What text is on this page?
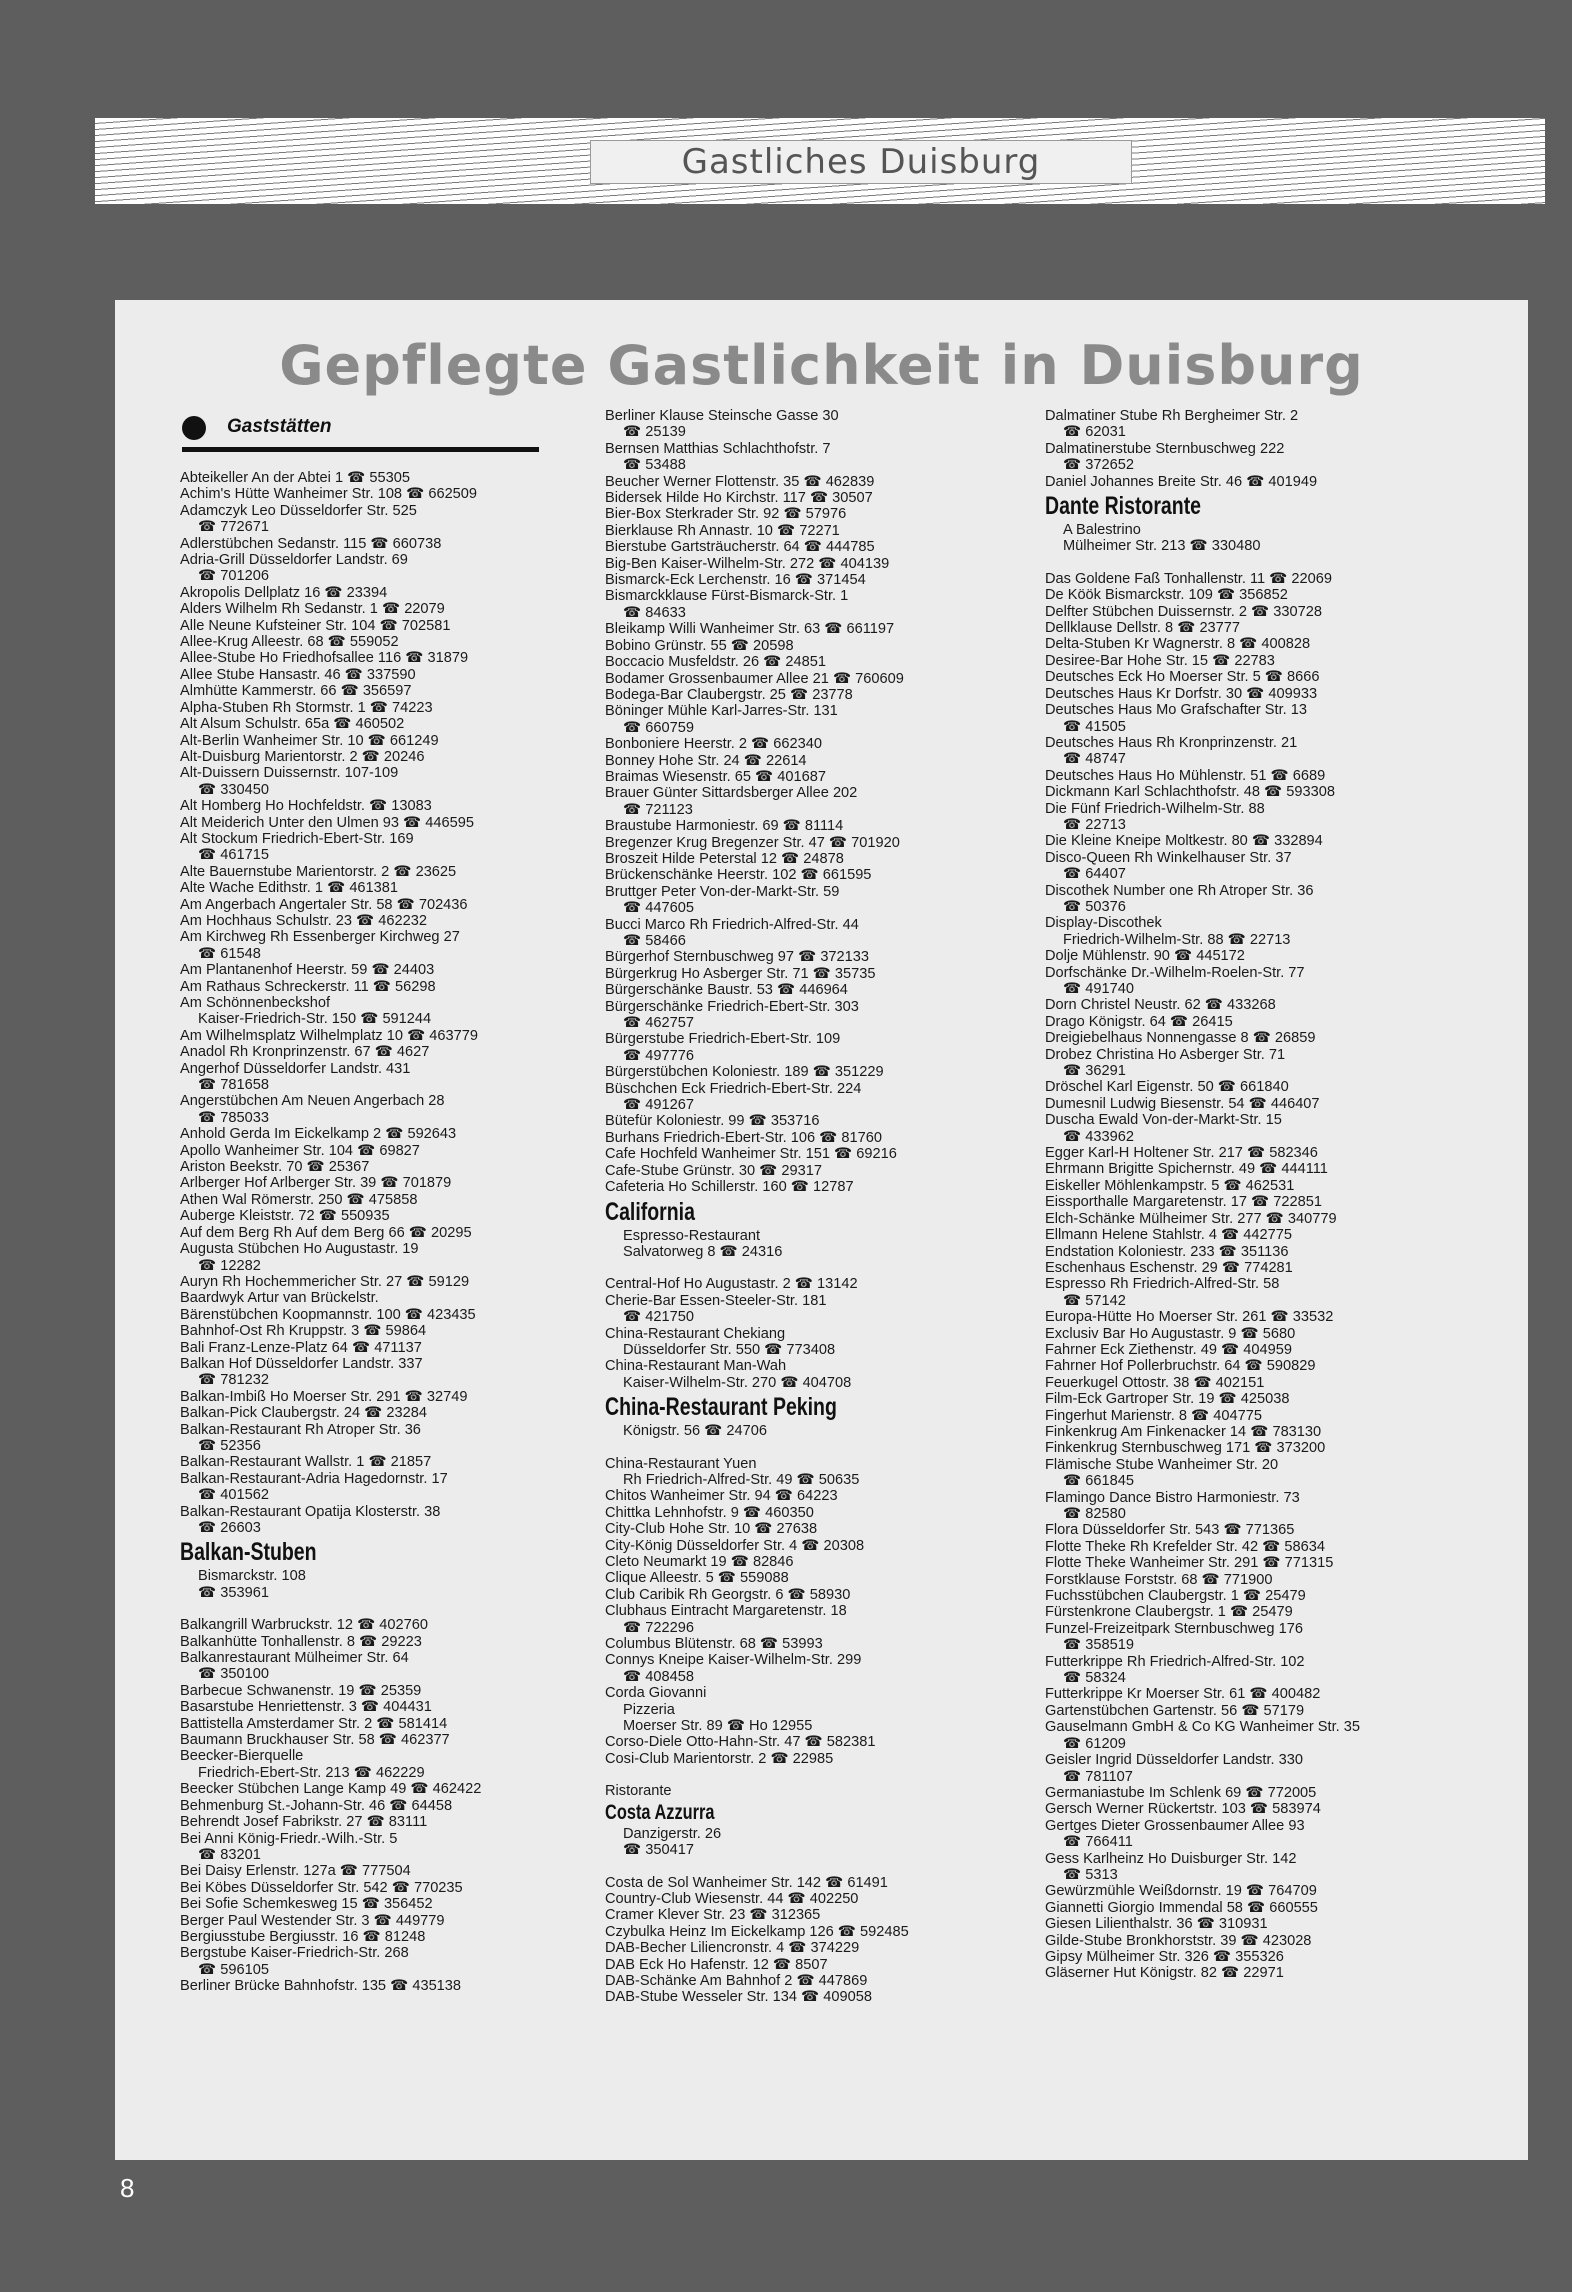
Gastliches Duisburg
Gepflegte Gastlichkeit in Duisburg
Gaststätten
Abteikeller An der Abtei 1 ☎ 55305
Achim's Hütte Wanheimer Str. 108 ☎ 662509
Adamczyk Leo Düsseldorfer Str. 525
☎ 772671
Adlerstübchen Sedanstr. 115 ☎ 660738
Adria-Grill Düsseldorfer Landstr. 69
☎ 701206
Akropolis Dellplatz 16 ☎ 23394
Alders Wilhelm Rh Sedanstr. 1 ☎ 22079
Alle Neune Kufsteiner Str. 104 ☎ 702581
Allee-Krug Alleestr. 68 ☎ 559052
Allee-Stube Ho Friedhofsallee 116 ☎ 31879
Allee Stube Hansastr. 46 ☎ 337590
Almhütte Kammerstr. 66 ☎ 356597
Alpha-Stuben Rh Stormstr. 1 ☎ 74223
Alt Alsum Schulstr. 65a ☎ 460502
Alt-Berlin Wanheimer Str. 10 ☎ 661249
Alt-Duisburg Marientorstr. 2 ☎ 20246
Alt-Duissern Duissernstr. 107-109
☎ 330450
Alt Homberg Ho Hochfeldstr. ☎ 13083
Alt Meiderich Unter den Ulmen 93 ☎ 446595
Alt Stockum Friedrich-Ebert-Str. 169
☎ 461715
Alte Bauernstube Marientorstr. 2 ☎ 23625
Alte Wache Edithstr. 1 ☎ 461381
Am Angerbach Angertaler Str. 58 ☎ 702436
Am Hochhaus Schulstr. 23 ☎ 462232
Am Kirchweg Rh Essenberger Kirchweg 27
☎ 61548
Am Plantanenhof Heerstr. 59 ☎ 24403
Am Rathaus Schreckerstr. 11 ☎ 56298
Am Schönnenbeckshof
Kaiser-Friedrich-Str. 150 ☎ 591244
Am Wilhelmsplatz Wilhelmplatz 10 ☎ 463779
Anadol Rh Kronprinzenstr. 67 ☎ 4627
Angerhof Düsseldorfer Landstr. 431
☎ 781658
Angerstübchen Am Neuen Angerbach 28
☎ 785033
Anhold Gerda Im Eickelkamp 2 ☎ 592643
Apollo Wanheimer Str. 104 ☎ 69827
Ariston Beekstr. 70 ☎ 25367
Arlberger Hof Arlberger Str. 39 ☎ 701879
Athen Wal Römerstr. 250 ☎ 475858
Auberge Kleiststr. 72 ☎ 550935
Auf dem Berg Rh Auf dem Berg 66 ☎ 20295
Augusta Stübchen Ho Augustastr. 19
☎ 12282
Auryn Rh Hochemmericher Str. 27 ☎ 59129
Baardwyk Artur van Brückelstr.
Bärenstübchen Koopmannstr. 100 ☎ 423435
Bahnhof-Ost Rh Kruppstr. 3 ☎ 59864
Bali Franz-Lenze-Platz 64 ☎ 471137
Balkan Hof Düsseldorfer Landstr. 337
☎ 781232
Balkan-Imbiß Ho Moerser Str. 291 ☎ 32749
Balkan-Pick Claubergstr. 24 ☎ 23284
Balkan-Restaurant Rh Atroper Str. 36
☎ 52356
Balkan-Restaurant Wallstr. 1 ☎ 21857
Balkan-Restaurant-Adria Hagedornstr. 17
☎ 401562
Balkan-Restaurant Opatija Klosterstr. 38
☎ 26603
Balkan-Stuben
Bismarckstr. 108
☎ 353961
Balkangrill Warbruckstr. 12 ☎ 402760
Balkanhütte Tonhallenstr. 8 ☎ 29223
Balkanrestaurant Mülheimer Str. 64
☎ 350100
Barbecue Schwanenstr. 19 ☎ 25359
Basarstube Henriettenstr. 3 ☎ 404431
Battistella Amsterdamer Str. 2 ☎ 581414
Baumann Bruckhauser Str. 58 ☎ 462377
Beecker-Bierquelle
Friedrich-Ebert-Str. 213 ☎ 462229
Beecker Stübchen Lange Kamp 49 ☎ 462422
Behmenburg St.-Johann-Str. 46 ☎ 64458
Behrendt Josef Fabrikstr. 27 ☎ 83111
Bei Anni König-Friedr.-Wilh.-Str. 5
☎ 83201
Bei Daisy Erlenstr. 127a ☎ 777504
Bei Köbes Düsseldorfer Str. 542 ☎ 770235
Bei Sofie Schemkesweg 15 ☎ 356452
Berger Paul Westender Str. 3 ☎ 449779
Bergiusstube Bergiusstr. 16 ☎ 81248
Bergstube Kaiser-Friedrich-Str. 268
☎ 596105
Berliner Brücke Bahnhofstr. 135 ☎ 435138
Berliner Klause Steinsche Gasse 30
☎ 25139
Bernsen Matthias Schlachthofstr. 7
☎ 53488
Beucher Werner Flottenstr. 35 ☎ 462839
Bidersek Hilde Ho Kirchstr. 117 ☎ 30507
Bier-Box Sterkrader Str. 92 ☎ 57976
Bierklause Rh Annastr. 10 ☎ 72271
Bierstube Gartsträucherstr. 64 ☎ 444785
Big-Ben Kaiser-Wilhelm-Str. 272 ☎ 404139
Bismarck-Eck Lerchenstr. 16 ☎ 371454
Bismarckklause Fürst-Bismarck-Str. 1
☎ 84633
Bleikamp Willi Wanheimer Str. 63 ☎ 661197
Bobino Grünstr. 55 ☎ 20598
Boccacio Musfeldstr. 26 ☎ 24851
Bodamer Grossenbaumer Allee 21 ☎ 760609
Bodega-Bar Claubergstr. 25 ☎ 23778
Böninger Mühle Karl-Jarres-Str. 131
☎ 660759
Bonboniere Heerstr. 2 ☎ 662340
Bonney Hohe Str. 24 ☎ 22614
Braimas Wiesenstr. 65 ☎ 401687
Brauer Günter Sittardsberger Allee 202
☎ 721123
Braustube Harmoniestr. 69 ☎ 81114
Bregenzer Krug Bregenzer Str. 47 ☎ 701920
Broszeit Hilde Peterstal 12 ☎ 24878
Brückenschänke Heerstr. 102 ☎ 661595
Bruttger Peter Von-der-Markt-Str. 59
☎ 447605
Bucci Marco Rh Friedrich-Alfred-Str. 44
☎ 58466
Bürgerhof Sternbuschweg 97 ☎ 372133
Bürgerkrug Ho Asberger Str. 71 ☎ 35735
Bürgerschänke Baustr. 53 ☎ 446964
Bürgerschänke Friedrich-Ebert-Str. 303
☎ 462757
Bürgerstube Friedrich-Ebert-Str. 109
☎ 497776
Bürgerstübchen Koloniestr. 189 ☎ 351229
Büschchen Eck Friedrich-Ebert-Str. 224
☎ 491267
Bütefür Koloniestr. 99 ☎ 353716
Burhans Friedrich-Ebert-Str. 106 ☎ 81760
Cafe Hochfeld Wanheimer Str. 151 ☎ 69216
Cafe-Stube Grünstr. 30 ☎ 29317
Cafeteria Ho Schillerstr. 160 ☎ 12787
California
Espresso-Restaurant
Salvatorweg 8 ☎ 24316
Central-Hof Ho Augustastr. 2 ☎ 13142
Cherie-Bar Essen-Steeler-Str. 181
☎ 421750
China-Restaurant Chekiang
Düsseldorfer Str. 550 ☎ 773408
China-Restaurant Man-Wah
Kaiser-Wilhelm-Str. 270 ☎ 404708
China-Restaurant Peking
Königstr. 56 ☎ 24706
China-Restaurant Yuen
Rh Friedrich-Alfred-Str. 49 ☎ 50635
Chitos Wanheimer Str. 94 ☎ 64223
Chittka Lehnhofstr. 9 ☎ 460350
City-Club Hohe Str. 10 ☎ 27638
City-König Düsseldorfer Str. 4 ☎ 20308
Cleto Neumarkt 19 ☎ 82846
Clique Alleestr. 5 ☎ 559088
Club Caribik Rh Georgstr. 6 ☎ 58930
Clubhaus Eintracht Margaretenstr. 18
☎ 722296
Columbus Blütenstr. 68 ☎ 53993
Connys Kneipe Kaiser-Wilhelm-Str. 299
☎ 408458
Corda Giovanni
Pizzeria
Moerser Str. 89 ☎ Ho 12955
Corso-Diele Otto-Hahn-Str. 47 ☎ 582381
Cosi-Club Marientorstr. 2 ☎ 22985
Ristorante
Costa Azzurra
Danzigerstr. 26
☎ 350417
Costa de Sol Wanheimer Str. 142 ☎ 61491
Country-Club Wiesenstr. 44 ☎ 402250
Cramer Klever Str. 23 ☎ 312365
Czybulka Heinz Im Eickelkamp 126 ☎ 592485
DAB-Becher Liliencronstr. 4 ☎ 374229
DAB Eck Ho Hafenstr. 12 ☎ 8507
DAB-Schänke Am Bahnhof 2 ☎ 447869
DAB-Stube Wesseler Str. 134 ☎ 409058
Dalmatiner Stube Rh Bergheimer Str. 2
☎ 62031
Dalmatinerstube Sternbuschweg 222
☎ 372652
Daniel Johannes Breite Str. 46 ☎ 401949
Dante Ristorante
A Balestrino
Mülheimer Str. 213 ☎ 330480
Das Goldene Faß Tonhallenstr. 11 ☎ 22069
De Köök Bismarckstr. 109 ☎ 356852
Delfter Stübchen Duissernstr. 2 ☎ 330728
Dellklause Dellstr. 8 ☎ 23777
Delta-Stuben Kr Wagnerstr. 8 ☎ 400828
Desiree-Bar Hohe Str. 15 ☎ 22783
Deutsches Eck Ho Moerser Str. 5 ☎ 8666
Deutsches Haus Kr Dorfstr. 30 ☎ 409933
Deutsches Haus Mo Grafschafter Str. 13
☎ 41505
Deutsches Haus Rh Kronprinzenstr. 21
☎ 48747
Deutsches Haus Ho Mühlenstr. 51 ☎ 6689
Dickmann Karl Schlachthofstr. 48 ☎ 593308
Die Fünf Friedrich-Wilhelm-Str. 88
☎ 22713
Die Kleine Kneipe Moltkestr. 80 ☎ 332894
Disco-Queen Rh Winkelhauser Str. 37
☎ 64407
Discothek Number one Rh Atroper Str. 36
☎ 50376
Display-Discothek
Friedrich-Wilhelm-Str. 88 ☎ 22713
Dolje Mühlenstr. 90 ☎ 445172
Dorfschänke Dr.-Wilhelm-Roelen-Str. 77
☎ 491740
Dorn Christel Neustr. 62 ☎ 433268
Drago Königstr. 64 ☎ 26415
Dreigiebelhaus Nonnengasse 8 ☎ 26859
Drobez Christina Ho Asberger Str. 71
☎ 36291
Dröschel Karl Eigenstr. 50 ☎ 661840
Dumesnil Ludwig Biesenstr. 54 ☎ 446407
Duscha Ewald Von-der-Markt-Str. 15
☎ 433962
Egger Karl-H Holtener Str. 217 ☎ 582346
Ehrmann Brigitte Spichernstr. 49 ☎ 444111
Eiskeller Möhlenkampstr. 5 ☎ 462531
Eissporthalle Margaretenstr. 17 ☎ 722851
Elch-Schänke Mülheimer Str. 277 ☎ 340779
Ellmann Helene Stahlstr. 4 ☎ 442775
Endstation Koloniestr. 233 ☎ 351136
Eschenhaus Eschenstr. 29 ☎ 774281
Espresso Rh Friedrich-Alfred-Str. 58
☎ 57142
Europa-Hütte Ho Moerser Str. 261 ☎ 33532
Exclusiv Bar Ho Augustastr. 9 ☎ 5680
Fahrner Eck Ziethenstr. 49 ☎ 404959
Fahrner Hof Pollerbruchstr. 64 ☎ 590829
Feuerkugel Ottostr. 38 ☎ 402151
Film-Eck Gartroper Str. 19 ☎ 425038
Fingerhut Marienstr. 8 ☎ 404775
Finkenkrug Am Finkenacker 14 ☎ 783130
Finkenkrug Sternbuschweg 171 ☎ 373200
Flämische Stube Wanheimer Str. 20
☎ 661845
Flamingo Dance Bistro Harmoniestr. 73
☎ 82580
Flora Düsseldorfer Str. 543 ☎ 771365
Flotte Theke Rh Krefelder Str. 42 ☎ 58634
Flotte Theke Wanheimer Str. 291 ☎ 771315
Forstklause Forststr. 68 ☎ 771900
Fuchsstübchen Claubergstr. 1 ☎ 25479
Fürstenkrone Claubergstr. 1 ☎ 25479
Funzel-Freizeitpark Sternbuschweg 176
☎ 358519
Futterkrippe Rh Friedrich-Alfred-Str. 102
☎ 58324
Futterkrippe Kr Moerser Str. 61 ☎ 400482
Gartenstübchen Gartenstr. 56 ☎ 57179
Gauselmann GmbH & Co KG Wanheimer Str. 35
☎ 61209
Geisler Ingrid Düsseldorfer Landstr. 330
☎ 781107
Germaniastube Im Schlenk 69 ☎ 772005
Gersch Werner Rückertstr. 103 ☎ 583974
Gertges Dieter Grossenbaumer Allee 93
☎ 766411
Gess Karlheinz Ho Duisburger Str. 142
☎ 5313
Gewürzmühle Weißdornstr. 19 ☎ 764709
Giannetti Giorgio Immendal 58 ☎ 660555
Giesen Lilienthalstr. 36 ☎ 310931
Gilde-Stube Bronkhorststr. 39 ☎ 423028
Gipsy Mülheimer Str. 326 ☎ 355326
Gläserner Hut Königstr. 82 ☎ 22971
8
